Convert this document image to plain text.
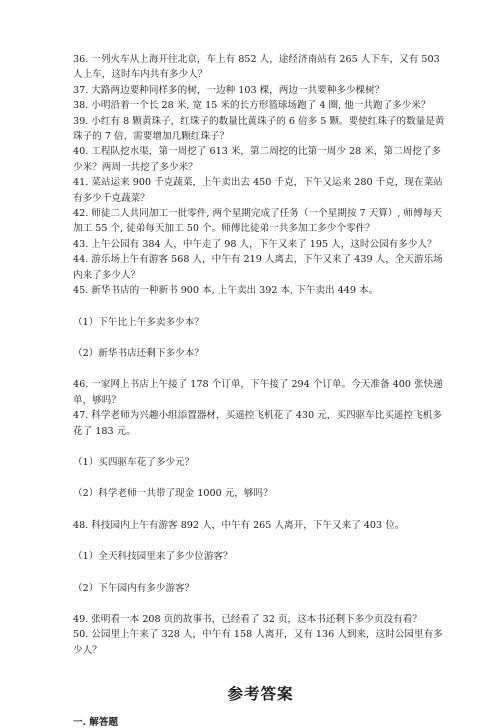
36. 一列火车从上海开往北京，车上有 852 人，途经济南站有 265 人下车，又有 503 人上车，这时车内共有多少人？

37. 大路两边要种同样多的树，一边种 103 棵，两边一共要种多少棵树？

38. 小明沿着一个长 28 米, 宽 15 米的长方形篮球场跑了 4 圈, 他一共跑了多少米？

39. 小红有 8 颗黄珠子，红珠子的数量比黄珠子的 6 倍多 5 颗。要使红珠子的数量是黄珠子的 7 倍，需要增加几颗红珠子？

40. 工程队挖水渠，第一周挖了 613 米，第二周挖的比第一周少 28 米，第二周挖了多少米？两周一共挖了多少米？

41. 菜站运来 900 千克蔬菜，上午卖出去 450 千克，下午又运来 280 千克，现在菜站有多少千克蔬菜？

42. 师徒二人共同加工一批零件, 两个星期完成了任务（一个星期按 7 天算）, 师傅每天加工 55 个, 徒弟每天加工 50 个。师傅比徒弟一共多加工多少个零件？

43. 上午公园有 384 人，中午走了 98 人，下午又来了 195 人，这时公园有多少人？

44. 游乐场上午有游客 568 人，中午有 219 人离去，下午又来了 439 人，全天游乐场内来了多少人？

45. 新华书店的一种新书 900 本, 上午卖出 392 本, 下午卖出 449 本。

（1）下午比上午多卖多少本？

（2）新华书店还剩下多少本？

46. 一家网上书店上午接了 178 个订单，下午接了 294 个订单。今天准备 400 张快递单，够吗？

47. 科学老师为兴趣小组添置器材，买遥控飞机花了 430 元，买四驱车比买遥控飞机多花了 183 元。

（1）买四驱车花了多少元？

（2）科学老师一共带了现金 1000 元，够吗？

48. 科技园内上午有游客 892 人，中午有 265 人离开，下午又来了 403 位。

（1）全天科技园里来了多少位游客？

（2）下午园内有多少游客？

49. 张明看一本 208 页的故事书，已经看了 32 页，这本书还剩下多少页没有看？

50. 公园里上午来了 328 人，中午有 158 人离开，又有 136 人到来，这时公园里有多少人？

参考答案

一. 解答题
